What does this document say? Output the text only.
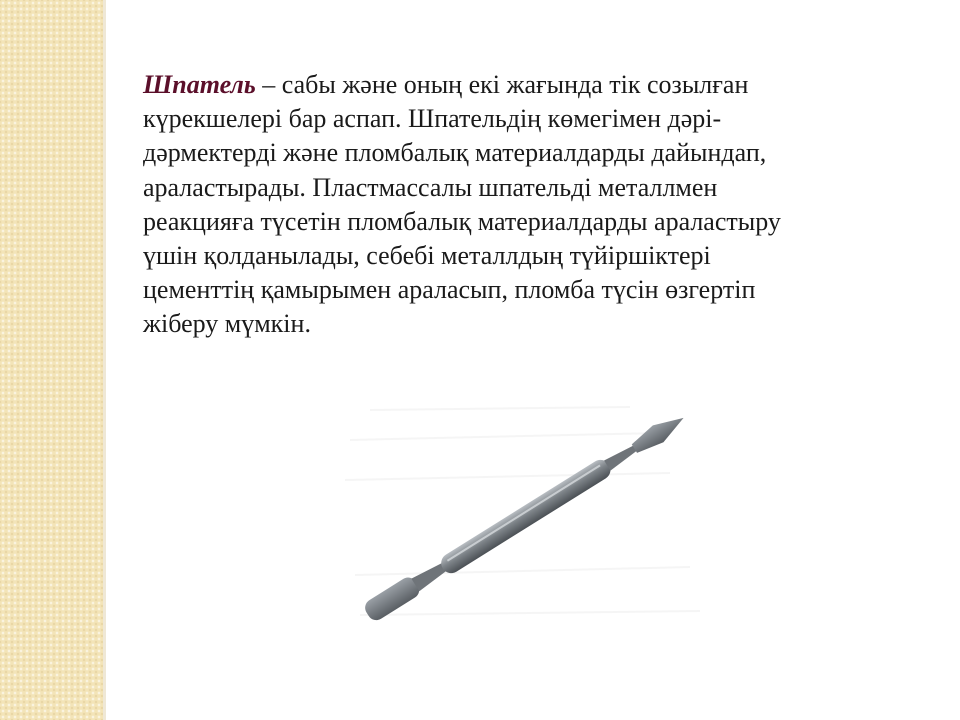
Шпатель – сабы және оның екі жағында тік созылған

күрекшелері бар аспап. Шпательдің көмегімен дәрі-

дәрмектерді және пломбалық материалдарды дайындап,

араластырады. Пластмассалы шпательді металлмен

реакцияға түсетін пломбалық материалдарды араластыру

үшін қолданылады, себебі металлдың түйіршіктері

цементтің қамырымен араласып, пломба түсін өзгертіп

жіберу мүмкін.
